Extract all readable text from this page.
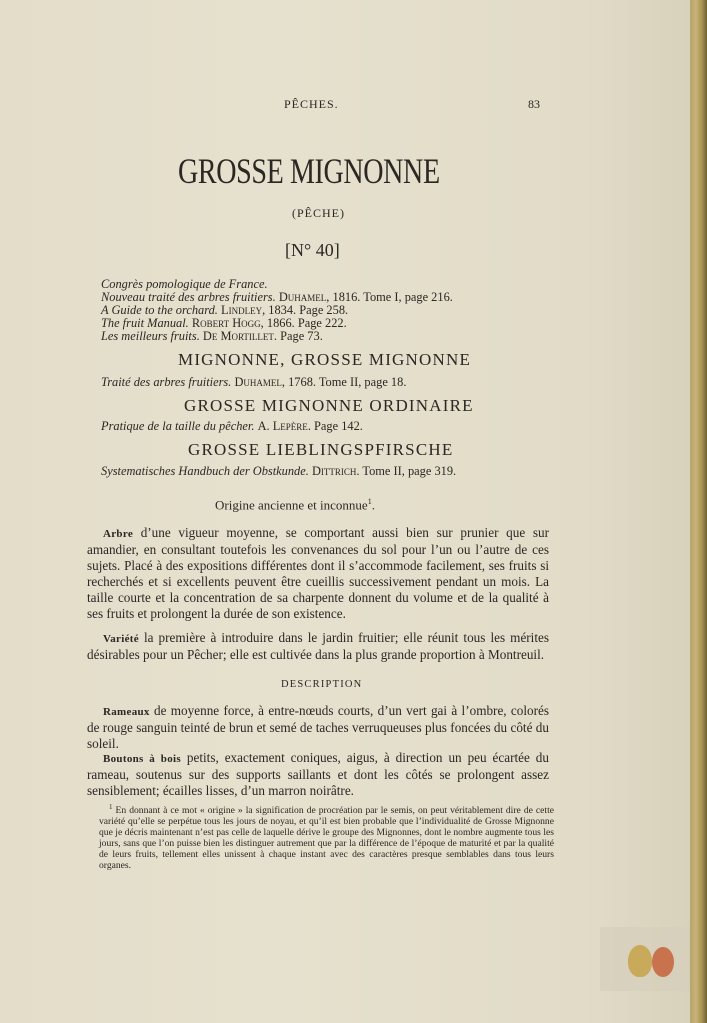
PÊCHES.	83
GROSSE MIGNONNE
(PÊCHE)
[N° 40]
Congrès pomologique de France.
Nouveau traité des arbres fruitiers. Duhamel, 1816. Tome I, page 216.
A Guide to the orchard. Lindley, 1834. Page 258.
The fruit Manual. Robert Hogg, 1866. Page 222.
Les meilleurs fruits. De Mortillet. Page 73.
MIGNONNE, GROSSE MIGNONNE
Traité des arbres fruitiers. Duhamel, 1768. Tome II, page 18.
GROSSE MIGNONNE ORDINAIRE
Pratique de la taille du pêcher. A. Lepère. Page 142.
GROSSE LIEBLINGSPFIRSCHE
Systematisches Handbuch der Obstkunde. Dittrich. Tome II, page 319.
Origine ancienne et inconnue$^1$.
Arbre d’une vigueur moyenne, se comportant aussi bien sur prunier que sur amandier, en consultant toutefois les convenances du sol pour l’un ou l’autre de ces sujets. Placé à des expositions différentes dont il s’accommode facilement, ses fruits si recherchés et si excellents peuvent être cueillis successivement pendant un mois. La taille courte et la concentration de sa charpente donnent du volume et de la qualité à ses fruits et prolongent la durée de son existence.
Variété la première à introduire dans le jardin fruitier; elle réunit tous les mérites désirables pour un Pêcher; elle est cultivée dans la plus grande proportion à Montreuil.
DESCRIPTION
Rameaux de moyenne force, à entre-nœuds courts, d’un vert gai à l’ombre, colorés de rouge sanguin teinté de brun et semé de taches verruqueuses plus foncées du côté du soleil.
Boutons à bois petits, exactement coniques, aigus, à direction un peu écartée du rameau, soutenus sur des supports saillants et dont les côtés se prolongent assez sensiblement; écailles lisses, d’un marron noirâtre.
$^1$ En donnant à ce mot « origine » la signification de procréation par le semis, on peut véritablement dire de cette variété qu’elle se perpétue tous les jours de noyau, et qu’il est bien probable que l’individualité de Grosse Mignonne que je décris maintenant n’est pas celle de laquelle dérive le groupe des Mignonnes, dont le nombre augmente tous les jours, sans que l’on puisse bien les distinguer autrement que par la différence de l’époque de maturité et par la qualité de leurs fruits, tellement elles unissent à chaque instant avec des caractères presque semblables dans tous leurs organes.
